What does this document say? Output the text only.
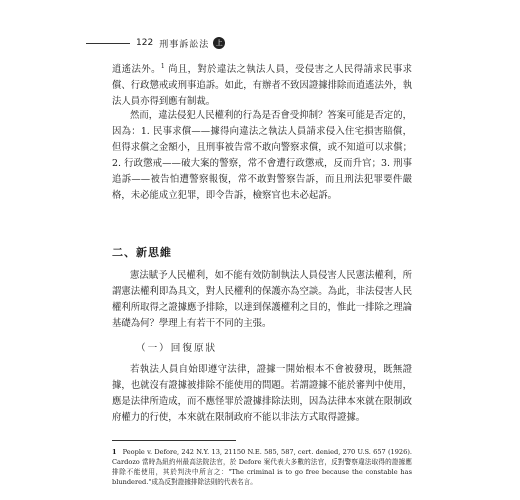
122 刑事訴訟法 上
逍遙法外。$^1$ 尚且，對於違法之執法人員，受侵害之人民得請求民事求償、行政懲戒或刑事追訴。如此，有辦者不致因證據排除而逍遙法外，執法人員亦得到應有制裁。
然而，違法侵犯人民權利的行為是否會受抑制？答案可能是否定的，因為：1. 民事求償——據得向違法之執法人員請求侵入住宅損害賠償，但得求償之金額小，且刑事被告常不敢向警察求償，或不知道可以求償；2. 行政懲戒——破大案的警察，常不會遭行政懲戒，反而升官；3. 刑事追訴——被告怕遭警察報復，常不敢對警察告訴，而且刑法犯罪要件嚴格，未必能成立犯罪，即令告訴，檢察官也未必起訴。
二、新思維
憲法賦予人民權利，如不能有效防制執法人員侵害人民憲法權利，所謂憲法權利即為具文，對人民權利的保護亦為空談。為此，非法侵害人民權利所取得之證據應予排除，以達到保護權利之目的，惟此一排除之理論基礎為何？學理上有若干不同的主張。
（一）回復原狀
若執法人員自始即遵守法律，證據一開始根本不會被發現，既無證據，也就沒有證據被排除不能使用的問題。若謂證據不能於審判中使用，應是法律所造成，而不應怪罪於證據排除法則，因為法律本來就在限制政府權力的行使，本來就在限制政府不能以非法方式取得證據。
1 People v. Defore, 242 N.Y. 13, 21150 N.E. 585, 587, cert. denied, 270 U.S. 657 (1926). Cardozo 當時為紐約州最高法院法官，於 Defore 案代表大多數的法官，反對警察違法取得的證據應排除不能使用，其於判決中所言之："The criminal is to go free because the constable has blundered."成為反對證據排除法則的代表名言。
